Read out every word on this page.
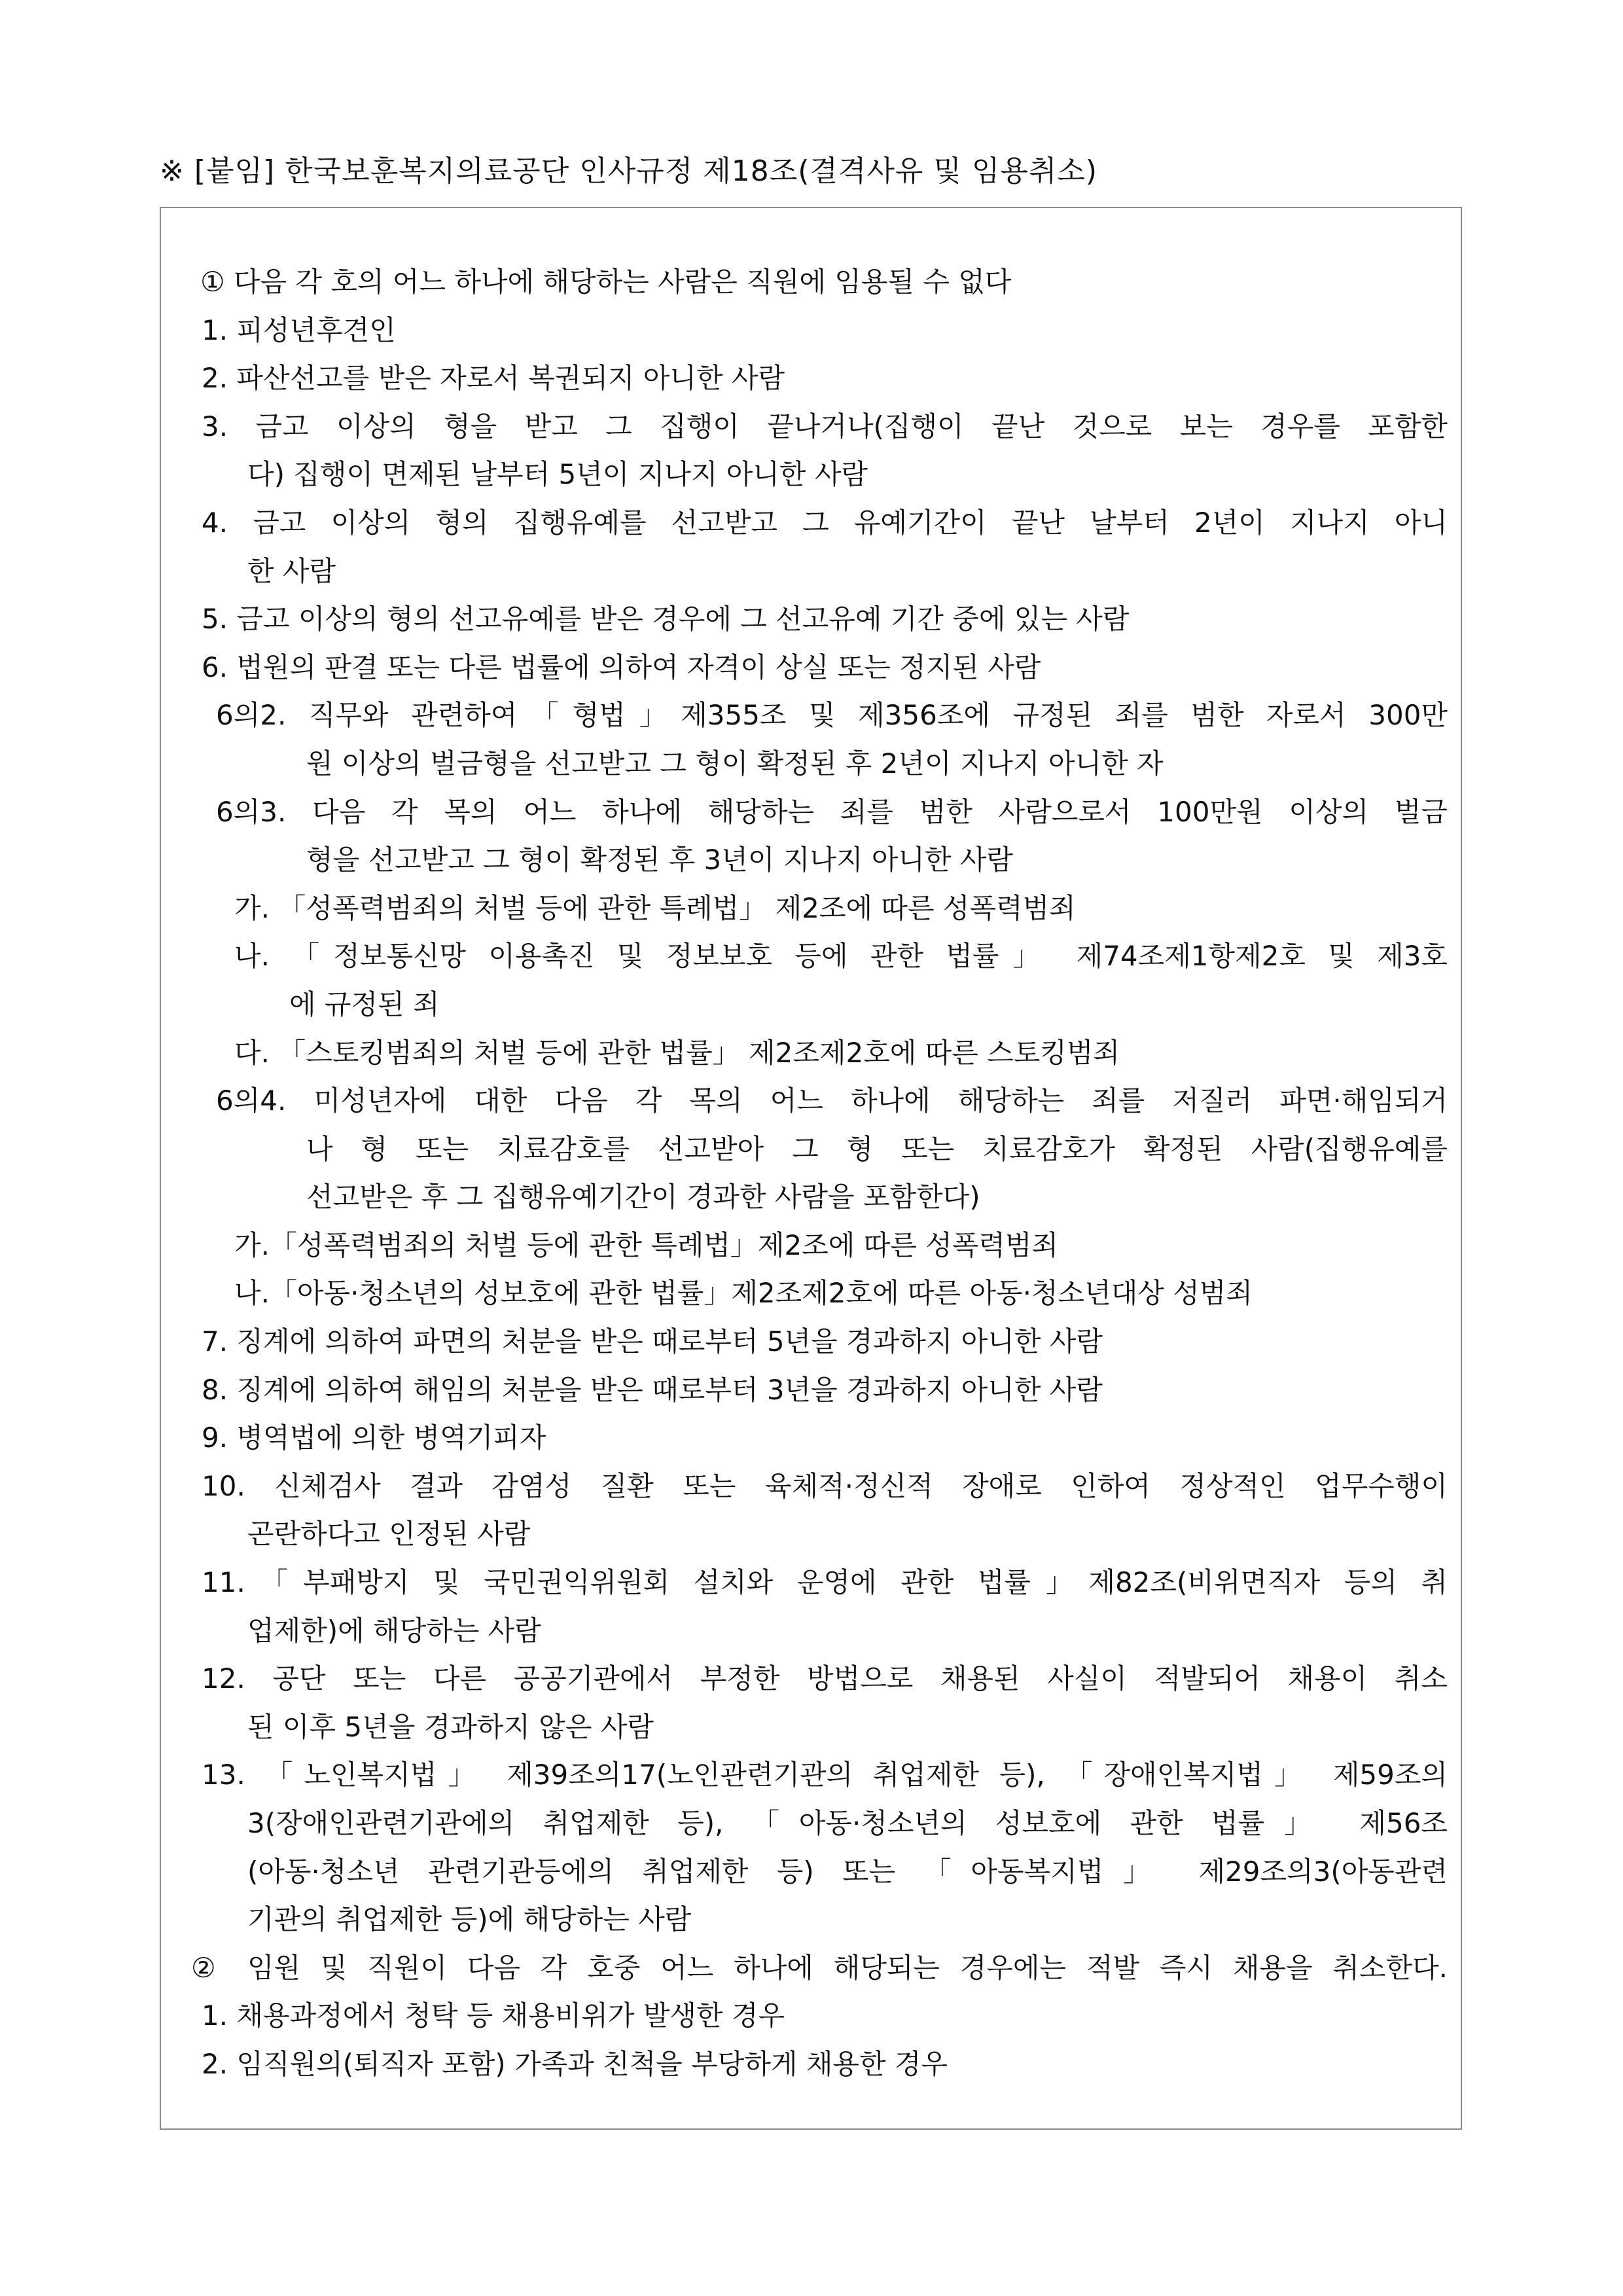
※ [붙임] 한국보훈복지의료공단 인사규정 제18조(결격사유 및 임용취소)
① 다음 각 호의 어느 하나에 해당하는 사람은 직원에 임용될 수 없다
1. 피성년후견인
2. 파산선고를 받은 자로서 복권되지 아니한 사람
3. 금고 이상의 형을 받고 그 집행이 끝나거나(집행이 끝난 것으로 보는 경우를 포함한
다) 집행이 면제된 날부터 5년이 지나지 아니한 사람
4. 금고 이상의 형의 집행유예를 선고받고 그 유예기간이 끝난 날부터 2년이 지나지 아니
한 사람
5. 금고 이상의 형의 선고유예를 받은 경우에 그 선고유예 기간 중에 있는 사람
6. 법원의 판결 또는 다른 법률에 의하여 자격이 상실 또는 정지된 사람
6의2. 직무와 관련하여「형법」제355조 및 제356조에 규정된 죄를 범한 자로서 300만
원 이상의 벌금형을 선고받고 그 형이 확정된 후 2년이 지나지 아니한 자
6의3. 다음 각 목의 어느 하나에 해당하는 죄를 범한 사람으로서 100만원 이상의 벌금
형을 선고받고 그 형이 확정된 후 3년이 지나지 아니한 사람
가. 「성폭력범죄의 처벌 등에 관한 특례법」 제2조에 따른 성폭력범죄
나. 「정보통신망 이용촉진 및 정보보호 등에 관한 법률」 제74조제1항제2호 및 제3호
에 규정된 죄
다. 「스토킹범죄의 처벌 등에 관한 법률」 제2조제2호에 따른 스토킹범죄
6의4. 미성년자에 대한 다음 각 목의 어느 하나에 해당하는 죄를 저질러 파면·해임되거
나 형 또는 치료감호를 선고받아 그 형 또는 치료감호가 확정된 사람(집행유예를
선고받은 후 그 집행유예기간이 경과한 사람을 포함한다)
가.「성폭력범죄의 처벌 등에 관한 특례법」제2조에 따른 성폭력범죄
나.「아동·청소년의 성보호에 관한 법률」제2조제2호에 따른 아동·청소년대상 성범죄
7. 징계에 의하여 파면의 처분을 받은 때로부터 5년을 경과하지 아니한 사람
8. 징계에 의하여 해임의 처분을 받은 때로부터 3년을 경과하지 아니한 사람
9. 병역법에 의한 병역기피자
10. 신체검사 결과 감염성 질환 또는 육체적·정신적 장애로 인하여 정상적인 업무수행이
곤란하다고 인정된 사람
11.「부패방지 및 국민권익위원회 설치와 운영에 관한 법률」제82조(비위면직자 등의 취
업제한)에 해당하는 사람
12. 공단 또는 다른 공공기관에서 부정한 방법으로 채용된 사실이 적발되어 채용이 취소
된 이후 5년을 경과하지 않은 사람
13. 「노인복지법」 제39조의17(노인관련기관의 취업제한 등), 「장애인복지법」 제59조의
3(장애인관련기관에의 취업제한 등), 「아동·청소년의 성보호에 관한 법률」 제56조
(아동·청소년 관련기관등에의 취업제한 등) 또는 「아동복지법」 제29조의3(아동관련
기관의 취업제한 등)에 해당하는 사람
② 임원 및 직원이 다음 각 호중 어느 하나에 해당되는 경우에는 적발 즉시 채용을 취소한다.
1. 채용과정에서 청탁 등 채용비위가 발생한 경우
2. 임직원의(퇴직자 포함) 가족과 친척을 부당하게 채용한 경우
